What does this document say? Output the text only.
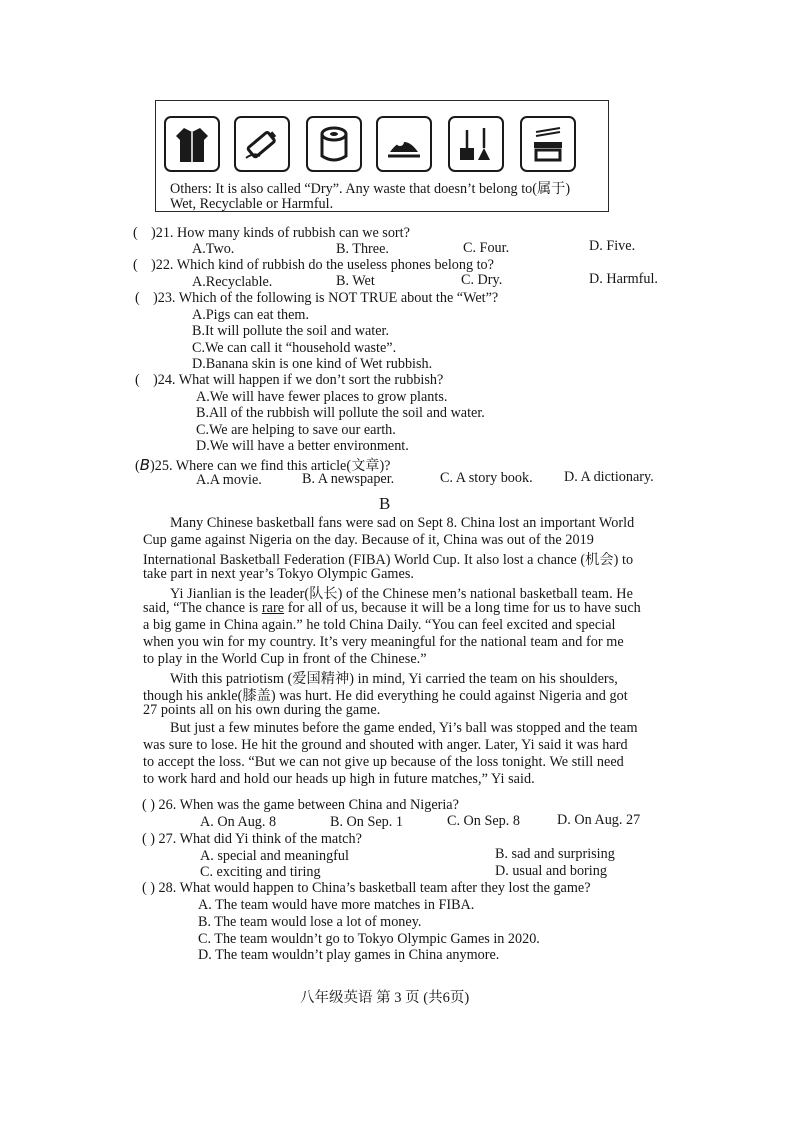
Others: It is also called “Dry”. Any waste that doesn’t belong to(属于)
Wet, Recyclable or Harmful.
( )21. How many kinds of rubbish can we sort?
A.Two.	B. Three.	C. Four.	D. Five.
( )22. Which kind of rubbish do the useless phones belong to?
A.Recyclable.	B. Wet	C. Dry.	D. Harmful.
( )23. Which of the following is NOT TRUE about the “Wet”?
A.Pigs can eat them.
B.It will pollute the soil and water.
C.We can call it “household waste”.
D.Banana skin is one kind of Wet rubbish.
( )24. What will happen if we don’t sort the rubbish?
A.We will have fewer places to grow plants.
B.All of the rubbish will pollute the soil and water.
C.We are helping to save our earth.
D.We will have a better environment.
(B)25. Where can we find this article(文章)?
A.A movie.	B. A newspaper.	C. A story book. D. A dictionary.
B
Many Chinese basketball fans were sad on Sept 8. China lost an important World
Cup game against Nigeria on the day. Because of it, China was out of the 2019
International Basketball Federation (FIBA) World Cup. It also lost a chance (机会) to
take part in next year’s Tokyo Olympic Games.
Yi Jianlian is the leader(队长) of the Chinese men’s national basketball team. He
said, “The chance is rare for all of us, because it will be a long time for us to have such
a big game in China again.” he told China Daily. “You can feel excited and special
when you win for my country. It’s very meaningful for the national team and for me
to play in the World Cup in front of the Chinese.”
With this patriotism (爱国精神) in mind, Yi carried the team on his shoulders,
though his ankle(膝盖) was hurt. He did everything he could against Nigeria and got
27 points all on his own during the game.
But just a few minutes before the game ended, Yi’s ball was stopped and the team
was sure to lose. He hit the ground and shouted with anger. Later, Yi said it was hard
to accept the loss. “But we can not give up because of the loss tonight. We still need
to work hard and hold our heads up high in future matches,” Yi said.
( ) 26. When was the game between China and Nigeria?
A. On Aug. 8	B. On Sep. 1	C. On Sep. 8	D. On Aug. 27
( ) 27. What did Yi think of the match?
A. special and meaningful	B. sad and surprising
C. exciting and tiring	D. usual and boring
( ) 28. What would happen to China’s basketball team after they lost the game?
A. The team would have more matches in FIBA.
B. The team would lose a lot of money.
C. The team wouldn’t go to Tokyo Olympic Games in 2020.
D. The team wouldn’t play games in China anymore.
八年级英语 第 3 页 (共6页)
